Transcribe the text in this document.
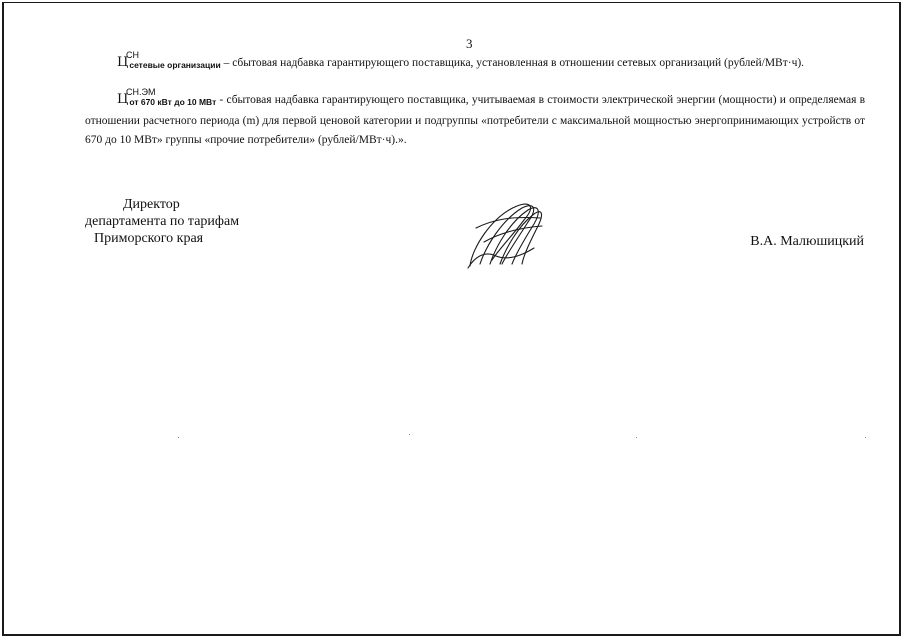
3
Ц
СН
сетевые организации – сбытовая надбавка гарантирующего поставщика, установленная в отношении сетевых организаций (рублей/МВт·ч).
Ц
СН.ЭМ
от 670 кВт до 10 МВт - сбытовая надбавка гарантирующего поставщика, учитываемая в стоимости электрической энергии (мощности) и определяемая в отношении расчетного периода (m) для первой ценовой категории и подгруппы «потребители с максимальной мощностью энергопринимающих устройств от 670 до 10 МВт» группы «прочие потребители» (рублей/МВт·ч).».
Директор
департамента по тарифам
Приморского края	В.А. Малюшицкий
